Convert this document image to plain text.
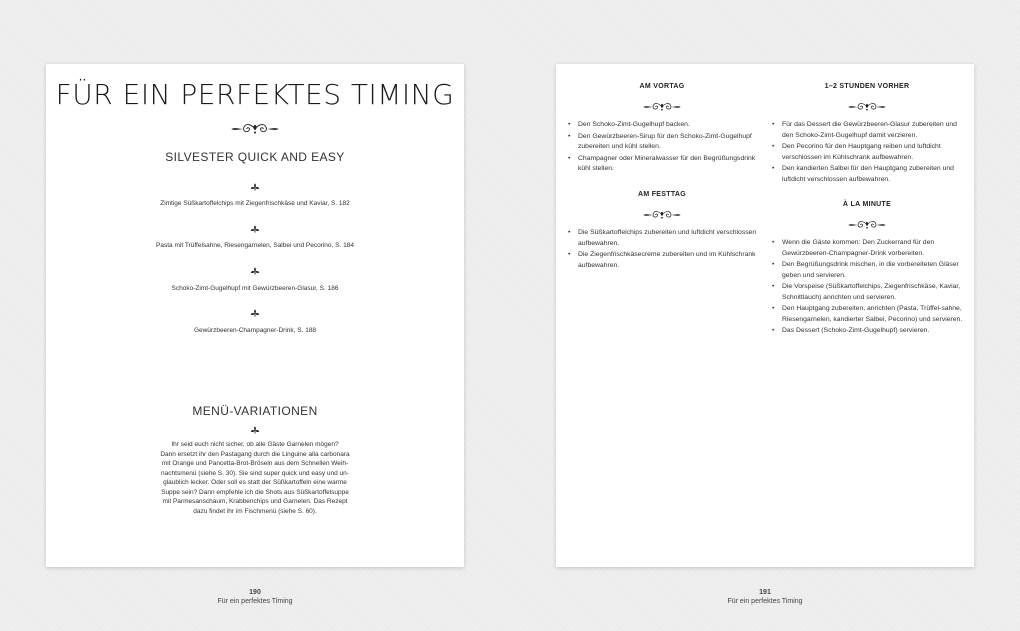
FÜR EIN PERFEKTES TIMING

SILVESTER QUICK AND EASY

Zimtige Süßkartoffelchips mit Ziegenfrischkäse und Kaviar, S. 182
Pasta mit Trüffelsahne, Riesengarnelen, Salbei und Pecorino, S. 184
Schoko-Zimt-Gugelhupf mit Gewürzbeeren-Glasur, S. 186
Gewürzbeeren-Champagner-Drink, S. 188

MENÜ-VARIATIONEN

Ihr seid euch nicht sicher, ob alle Gäste Garnelen mögen?
Dann ersetzt ihr den Pastagang durch die Linguine alla carbonara
mit Orange und Pancetta-Brot-Bröseln aus dem Schnellen Weih-
nachtsmenü (siehe S. 30). Sie sind super quick und easy und un-
glaublich lecker. Oder soll es statt der Süßkartoffeln eine warme
Suppe sein? Dann empfehle ich die Shots aus Süßkartoffelsuppe
mit Parmesanschaum, Krabbenchips und Garnelen. Das Rezept
dazu findet ihr im Fischmenü (siehe S. 60).
190
Für ein perfektes Timing
AM VORTAG
• Den Schoko-Zimt-Gugelhupf backen.
• Den Gewürzbeeren-Sirup für den Schoko-Zimt-Gugelhupf zubereiten und kühl stellen.
• Champagner oder Mineralwasser für den Begrüßungsdrink kühl stellen.
AM FESTTAG
• Die Süßkartoffelchips zubereiten und luftdicht verschlossen aufbewahren.
• Die Ziegenfrischkäsecreme zubereiten und im Kühlschrank aufbewahren.
1–2 STUNDEN VORHER
• Für das Dessert die Gewürzbeeren-Glasur zubereiten und den Schoko-Zimt-Gugelhupf damit verzieren.
• Den Pecorino für den Hauptgang reiben und luftdicht verschlossen im Kühlschrank aufbewahren.
• Den kandierten Salbei für den Hauptgang zubereiten und luftdicht verschlossen aufbewahren.
À LA MINUTE
• Wenn die Gäste kommen: Den Zuckerrand für den Gewürzbeeren-Champagner-Drink vorbereiten.
• Den Begrüßungsdrink mischen, in die vorbereiteten Gläser geben und servieren.
• Die Vorspeise (Süßkartoffelchips, Ziegenfrischkäse, Kaviar, Schnittlauch) anrichten und servieren.
• Den Hauptgang zubereiten, anrichten (Pasta, Trüffel-sahne, Riesengarnelen, kandierter Salbei, Pecorino) und servieren.
• Das Dessert (Schoko-Zimt-Gugelhupf) servieren.
191
Für ein perfektes Timing
